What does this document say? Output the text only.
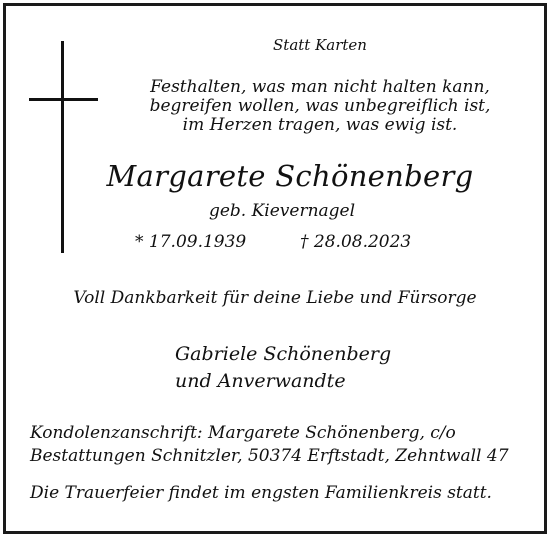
Statt Karten
Festhalten, was man nicht halten kann,
begreifen wollen, was unbegreiflich ist,
im Herzen tragen, was ewig ist.
Margarete Schönenberg
geb. Kievernagel
* 17.09.1939	† 28.08.2023
Voll Dankbarkeit für deine Liebe und Fürsorge
Gabriele Schönenberg
und Anverwandte
Kondolenzanschrift: Margarete Schönenberg, c/o
Bestattungen Schnitzler, 50374 Erftstadt, Zehntwall 47
Die Trauerfeier findet im engsten Familienkreis statt.
